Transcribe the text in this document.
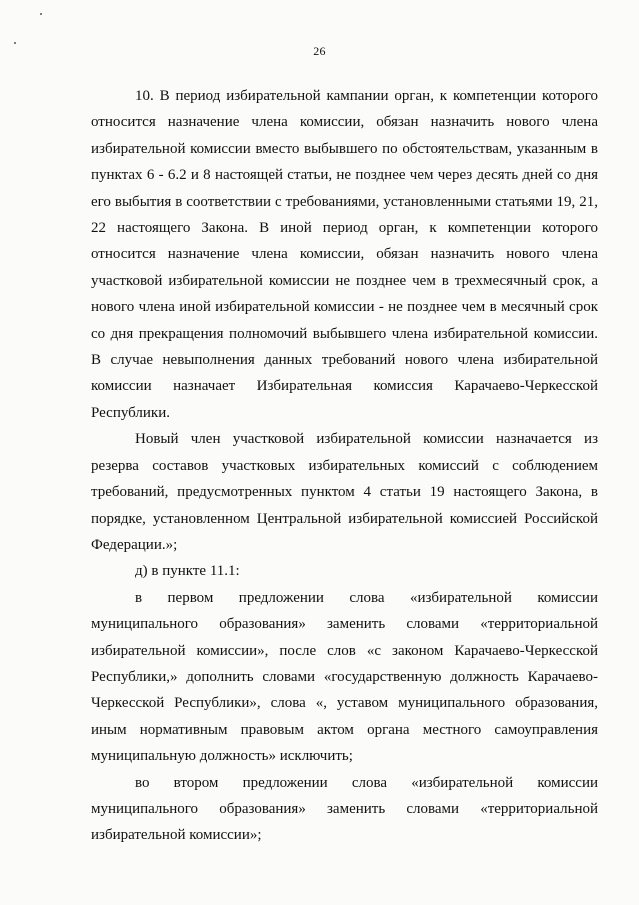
26

10. В период избирательной кампании орган, к компетенции которого относится назначение члена комиссии, обязан назначить нового члена избирательной комиссии вместо выбывшего по обстоятельствам, указанным в пунктах 6 - 6.2 и 8 настоящей статьи, не позднее чем через десять дней со дня его выбытия в соответствии с требованиями, установленными статьями 19, 21, 22 настоящего Закона. В иной период орган, к компетенции которого относится назначение члена комиссии, обязан назначить нового члена участковой избирательной комиссии не позднее чем в трехмесячный срок, а нового члена иной избирательной комиссии - не позднее чем в месячный срок со дня прекращения полномочий выбывшего члена избирательной комиссии. В случае невыполнения данных требований нового члена избирательной комиссии назначает Избирательная комиссия Карачаево-Черкесской Республики.

Новый член участковой избирательной комиссии назначается из резерва составов участковых избирательных комиссий с соблюдением требований, предусмотренных пунктом 4 статьи 19 настоящего Закона, в порядке, установленном Центральной избирательной комиссией Российской Федерации.»;

д) в пункте 11.1:

в первом предложении слова «избирательной комиссии муниципального образования» заменить словами «территориальной избирательной комиссии», после слов «с законом Карачаево-Черкесской Республики,» дополнить словами «государственную должность Карачаево-Черкесской Республики», слова «, уставом муниципального образования, иным нормативным правовым актом органа местного самоуправления муниципальную должность» исключить;

во втором предложении слова «избирательной комиссии муниципального образования» заменить словами «территориальной избирательной комиссии»;
